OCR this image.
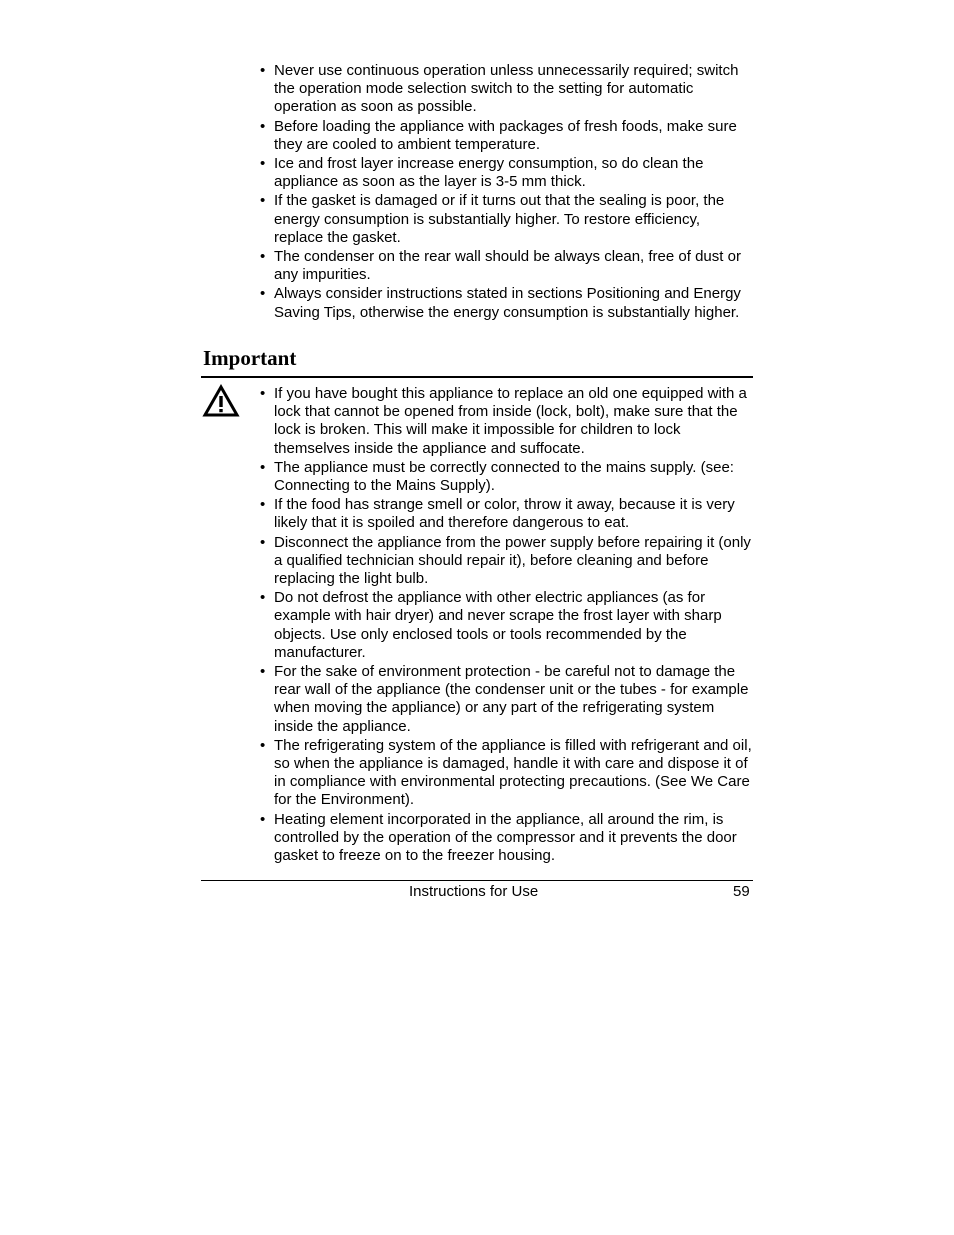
• Never use continuous operation unless unnecessarily required; switch the operation mode selection switch to the setting for automatic operation as soon as possible.
• Before loading the appliance with packages of fresh foods, make sure they are cooled to ambient temperature.
• Ice and frost layer increase energy consumption, so do clean the appliance as soon as the layer is 3-5 mm thick.
• If the gasket is damaged or if it turns out that the sealing is poor, the energy consumption is substantially higher. To restore efficiency, replace the gasket.
• The condenser on the rear wall should be always clean, free of dust or any impurities.
• Always consider instructions stated in sections Positioning and Energy Saving Tips, otherwise the energy consumption is substantially higher.
Important
• If you have bought this appliance to replace an old one equipped with a lock that cannot be opened from inside (lock, bolt), make sure that the lock is broken. This will make it impossible for children to lock themselves inside the appliance and suffocate.
• The appliance must be correctly connected to the mains supply. (see: Connecting to the Mains Supply).
• If the food has strange smell or color, throw it away, because it is very likely that it is spoiled and therefore dangerous to eat.
• Disconnect the appliance from the power supply before repairing it (only a qualified technician should repair it), before cleaning and before replacing the light bulb.
• Do not defrost the appliance with other electric appliances (as for example with hair dryer) and never scrape the frost layer with sharp objects. Use only enclosed tools or tools recommended by the manufacturer.
• For the sake of environment protection - be careful not to damage the rear wall of the appliance (the condenser unit or the tubes - for example when moving the appliance) or any part of the refrigerating system inside the appliance.
• The refrigerating system of the appliance is filled with refrigerant and oil, so when the appliance is damaged, handle it with care and dispose it of in compliance with environmental protecting precautions. (See We Care for the Environment).
• Heating element incorporated in the appliance, all around the rim, is controlled by the operation of the compressor and it prevents the door gasket to freeze on to the freezer housing.
Instructions for Use	59
